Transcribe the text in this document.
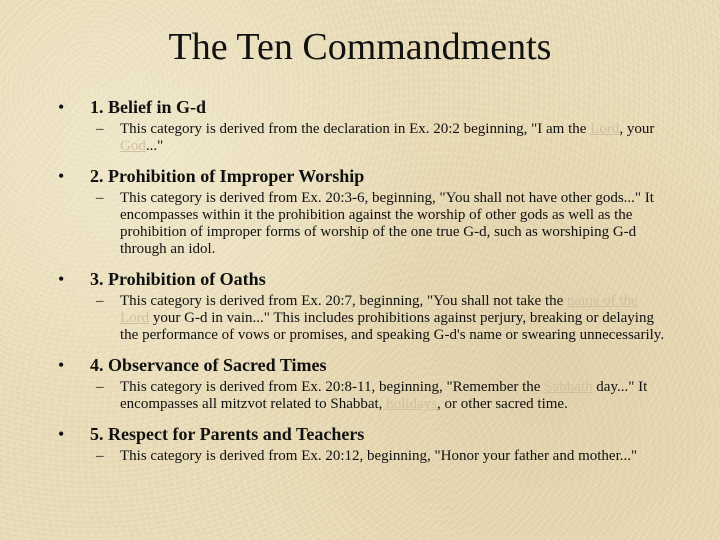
The Ten Commandments
• 1. Belief in G-d
– This category is derived from the declaration in Ex. 20:2 beginning, "I am the Lord, your God..."
• 2. Prohibition of Improper Worship
– This category is derived from Ex. 20:3-6, beginning, "You shall not have other gods..." It encompasses within it the prohibition against the worship of other gods as well as the prohibition of improper forms of worship of the one true G-d, such as worshiping G-d through an idol.
• 3. Prohibition of Oaths
– This category is derived from Ex. 20:7, beginning, "You shall not take the name of the Lord your G-d in vain..." This includes prohibitions against perjury, breaking or delaying the performance of vows or promises, and speaking G-d's name or swearing unnecessarily.
• 4. Observance of Sacred Times
– This category is derived from Ex. 20:8-11, beginning, "Remember the Sabbath day..." It encompasses all mitzvot related to Shabbat, holidays, or other sacred time.
• 5. Respect for Parents and Teachers
– This category is derived from Ex. 20:12, beginning, "Honor your father and mother..."
